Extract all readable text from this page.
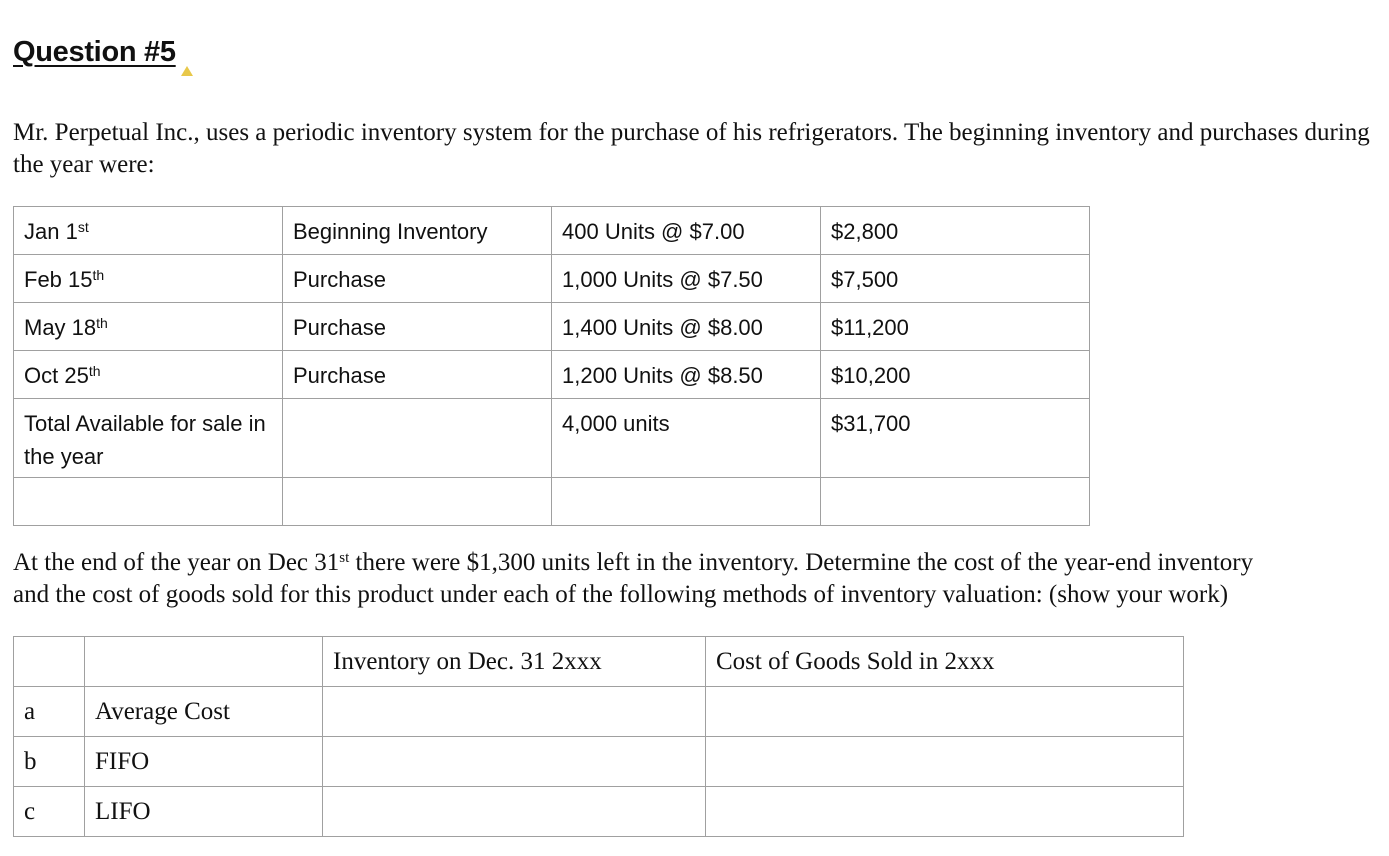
Question #5

Mr. Perpetual Inc., uses a periodic inventory system for the purchase of his refrigerators. The beginning inventory and purchases during the year were:

Jan 1st	Beginning Inventory	400 Units @ $7.00	$2,800
Feb 15th	Purchase	1,000 Units @ $7.50	$7,500
May 18th	Purchase	1,400 Units @ $8.00	$11,200
Oct 25th	Purchase	1,200 Units @ $8.50	$10,200
Total Available for sale in the year		4,000 units	$31,700

At the end of the year on Dec 31st there were $1,300 units left in the inventory. Determine the cost of the year-end inventory
and the cost of goods sold for this product under each of the following methods of inventory valuation: (show your work)
		Inventory on Dec. 31 2xxx	Cost of Goods Sold in 2xxx
a	Average Cost		
b	FIFO		
c	LIFO		
